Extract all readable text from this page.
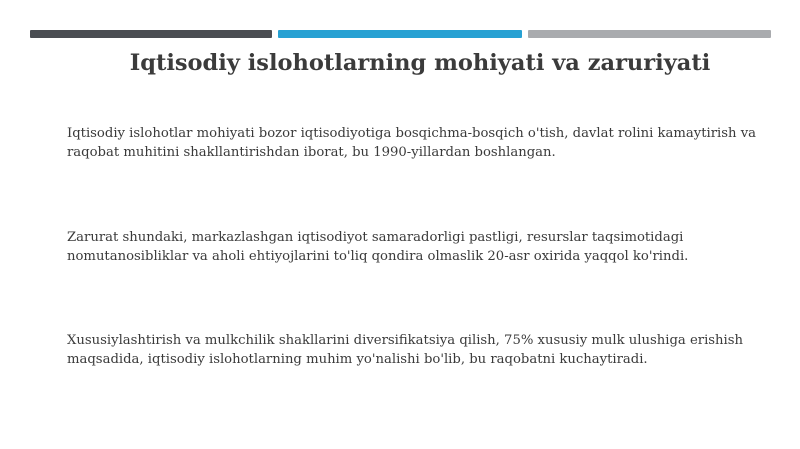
Iqtisodiy islohotlarning mohiyati va zaruriyati

Iqtisodiy islohotlar mohiyati bozor iqtisodiyotiga bosqichma-bosqich o'tish, davlat rolini kamaytirish va raqobat muhitini shakllantirishdan iborat, bu 1990-yillardan boshlangan.

Zarurat shundaki, markazlashgan iqtisodiyot samaradorligi pastligi, resurslar taqsimotidagi nomutanosibliklar va aholi ehtiyojlarini to'liq qondira olmaslik 20-asr oxirida yaqqol ko'rindi.

Xususiylashtirish va mulkchilik shakllarini diversifikatsiya qilish, 75% xususiy mulk ulushiga erishish maqsadida, iqtisodiy islohotlarning muhim yo'nalishi bo'lib, bu raqobatni kuchaytiradi.
